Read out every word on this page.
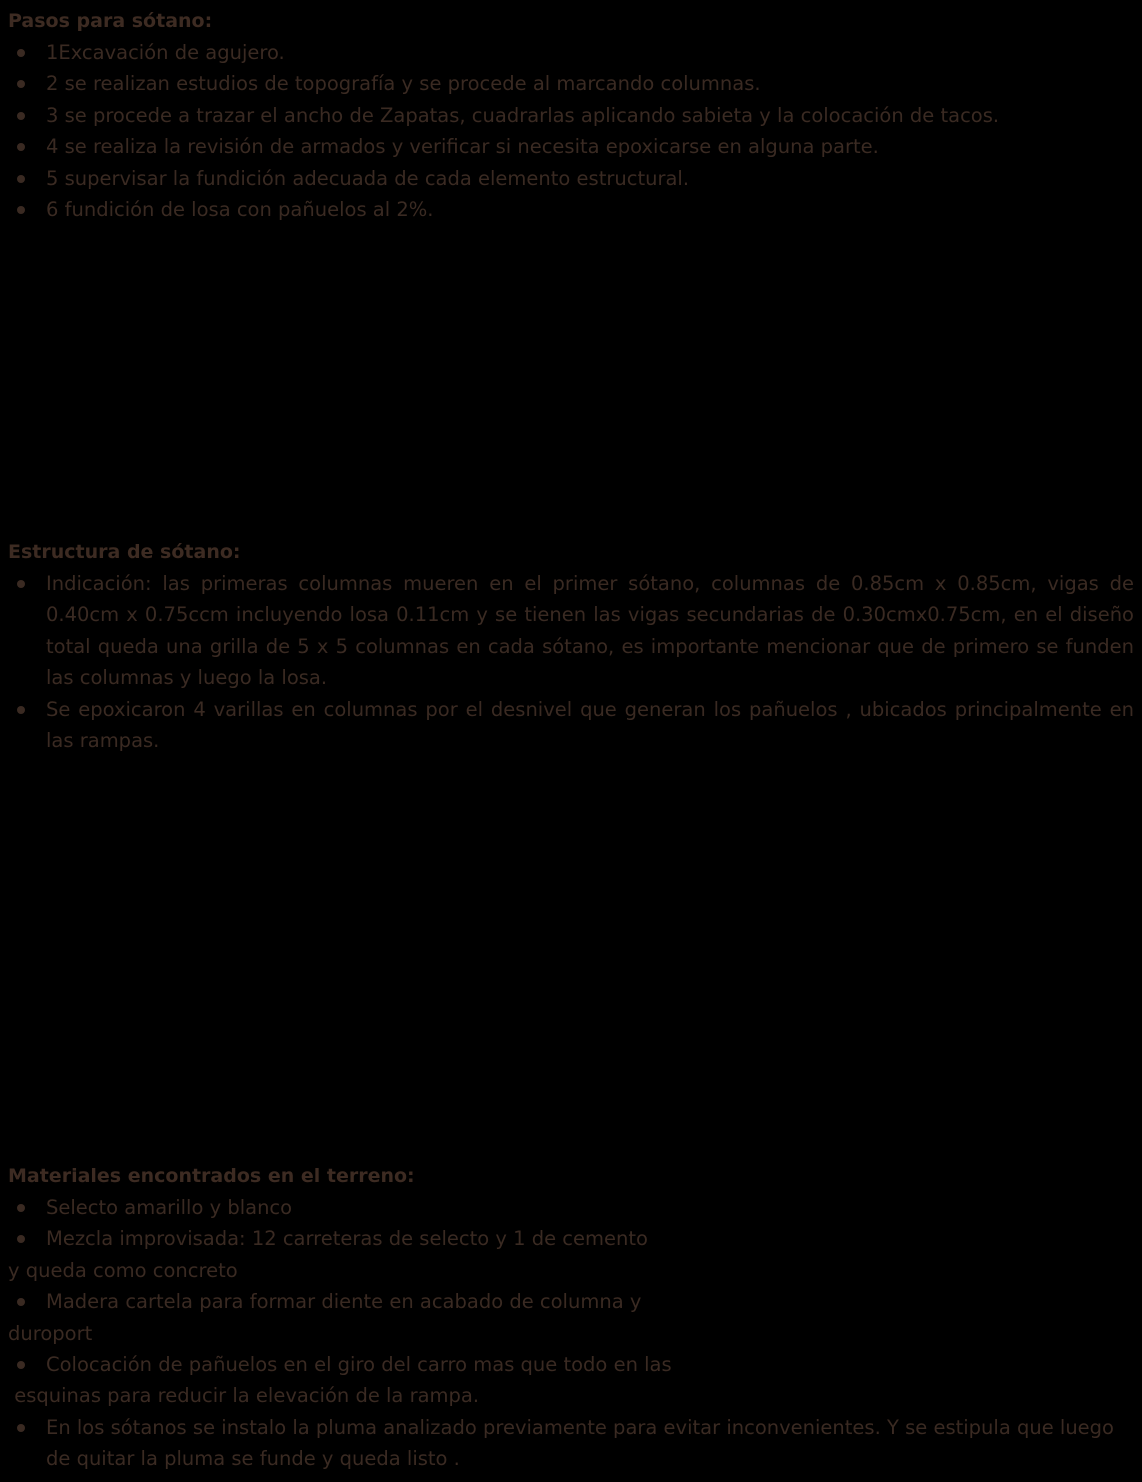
Pasos para sótano:

1Excavación de agujero.
2 se realizan estudios de topografía y se procede al marcando columnas.
3 se procede a trazar el ancho de Zapatas, cuadrarlas aplicando sabieta y la colocación de tacos.
4 se realiza la revisión de armados y verificar si necesita epoxicarse en alguna parte.
5 supervisar la fundición adecuada de cada elemento estructural.
6 fundición de losa con pañuelos al 2%.

Estructura de sótano:

Indicación: las primeras columnas mueren en el primer sótano, columnas de 0.85cm x 0.85cm, vigas de 0.40cm x 0.75ccm incluyendo losa 0.11cm y se tienen las vigas secundarias de 0.30cmx0.75cm, en el diseño total queda una grilla de 5 x 5 columnas en cada sótano, es importante mencionar que de primero se funden las columnas y luego la losa.
Se epoxicaron 4 varillas en columnas por el desnivel que generan los pañuelos , ubicados principalmente en las rampas.

Materiales encontrados en el terreno:

Selecto amarillo y blanco
Mezcla improvisada: 12 carreteras de selecto y 1 de cemento
y queda como concreto
Madera cartela para formar diente en acabado de columna y
duroport
Colocación de pañuelos en el giro del carro mas que todo en las
esquinas para reducir la elevación de la rampa.
En los sótanos se instalo la pluma analizado previamente para evitar inconvenientes. Y se estipula que luego de quitar la pluma se funde y queda listo .
